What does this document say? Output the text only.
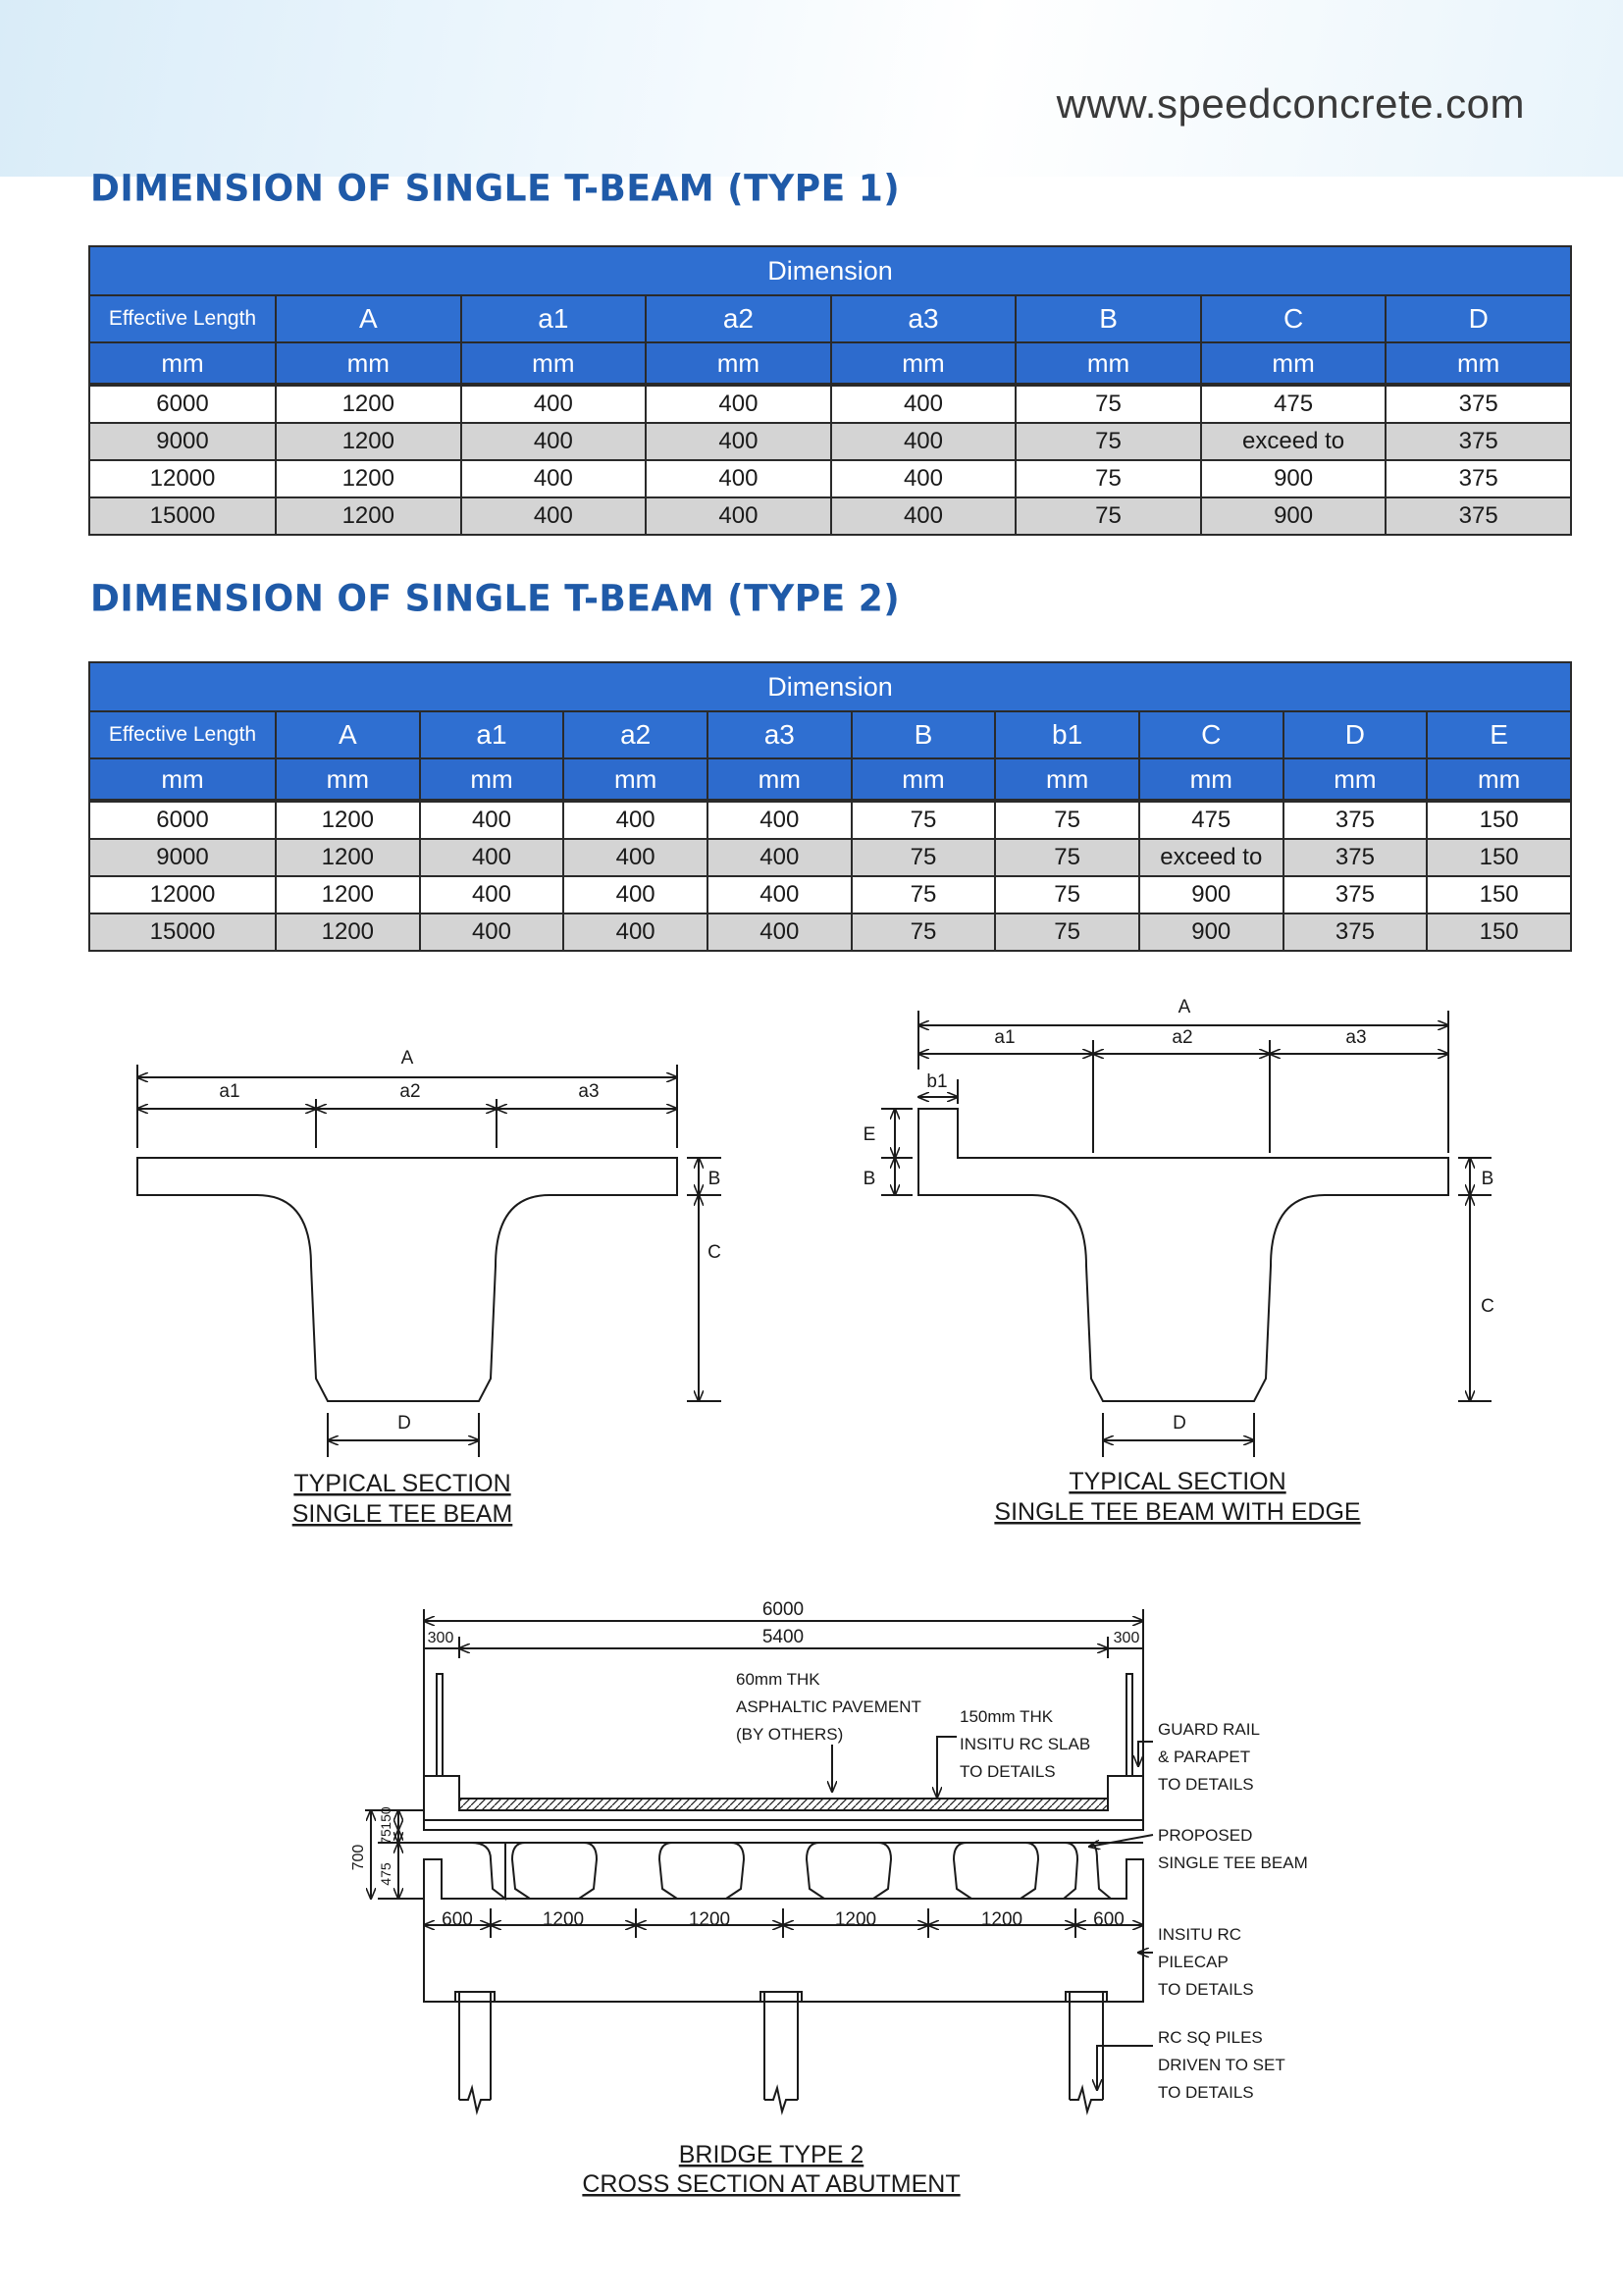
www.speedconcrete.com
DIMENSION OF SINGLE T-BEAM (TYPE 1)
Dimension							
Effective Length	A	a1	a2	a3	B	C	D
mm	mm	mm	mm	mm	mm	mm	mm
6000	1200	400	400	400	75	475	375
9000	1200	400	400	400	75	exceed to	375
12000	1200	400	400	400	75	900	375
15000	1200	400	400	400	75	900	375
DIMENSION OF SINGLE T-BEAM (TYPE 2)
Dimension									
Effective Length	A	a1	a2	a3	B	b1	C	D	E
mm	mm	mm	mm	mm	mm	mm	mm	mm	mm
6000	1200	400	400	400	75	75	475	375	150
9000	1200	400	400	400	75	75	exceed to	375	150
12000	1200	400	400	400	75	75	900	375	150
15000	1200	400	400	400	75	75	900	375	150
A
a1	a2	a3
B
C
D
TYPICAL SECTION
SINGLE TEE BEAM
A
a1	a2	a3
b1
E
B	B
C
D
TYPICAL SECTION
SINGLE TEE BEAM WITH EDGE
6000
5400
300	300
600	1200	1200	1200	1200	600
700
475
75
150
60mm THK
ASPHALTIC PAVEMENT
(BY OTHERS)
150mm THK
INSITU RC SLAB
TO DETAILS
GUARD RAIL
& PARAPET
TO DETAILS
PROPOSED
SINGLE TEE BEAM
INSITU RC
PILECAP
TO DETAILS
RC SQ PILES
DRIVEN TO SET
TO DETAILS
BRIDGE TYPE 2
CROSS SECTION AT ABUTMENT
